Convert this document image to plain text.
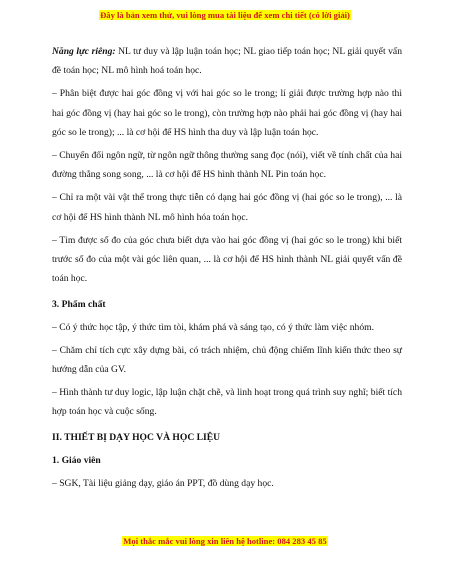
Đây là bản xem thử, vui lòng mua tài liệu để xem chi tiết (có lời giải)

Năng lực riêng: NL tư duy và lập luận toán học; NL giao tiếp toán học; NL giải quyết vấn đề toán học; NL mô hình hoá toán học.

– Phân biệt được hai góc đồng vị với hai góc so le trong; lí giải được trường hợp nào thì hai góc đồng vị (hay hai góc so le trong), còn trường hợp nào phải hai góc đồng vị (hay hai góc so le trong); ... là cơ hội để HS hình tha duy và lập luận toán học.

– Chuyển đổi ngôn ngữ, từ ngôn ngữ thông thường sang đọc (nói), viết về tính chất của hai đường thẳng song song, ... là cơ hội để HS hình thành NL Pin toán học.

– Chỉ ra một vài vật thể trong thực tiễn có dạng hai góc đồng vị (hai góc so le trong), ... là cơ hội để HS hình thành NL mô hình hóa toán học.

– Tìm được số đo của góc chưa biết dựa vào hai góc đồng vị (hai góc so le trong) khi biết trước số đo của một vài góc liên quan, ... là cơ hội để HS hình thành NL giải quyết vấn đề toán học.

3. Phẩm chất

– Có ý thức học tập, ý thức tìm tòi, khám phá và sáng tạo, có ý thức làm việc nhóm.

– Chăm chỉ tích cực xây dựng bài, có trách nhiệm, chủ động chiếm lĩnh kiến thức theo sự hướng dẫn của GV.

– Hình thành tư duy logic, lập luận chặt chẽ, và linh hoạt trong quá trình suy nghĩ; biết tích hợp toán học và cuộc sống.

II. THIẾT BỊ DẠY HỌC VÀ HỌC LIỆU

1. Giáo viên

– SGK, Tài liệu giảng dạy, giáo án PPT, đồ dùng dạy học.

Mọi thắc mắc vui lòng xin liên hệ hotline: 084 283 45 85
